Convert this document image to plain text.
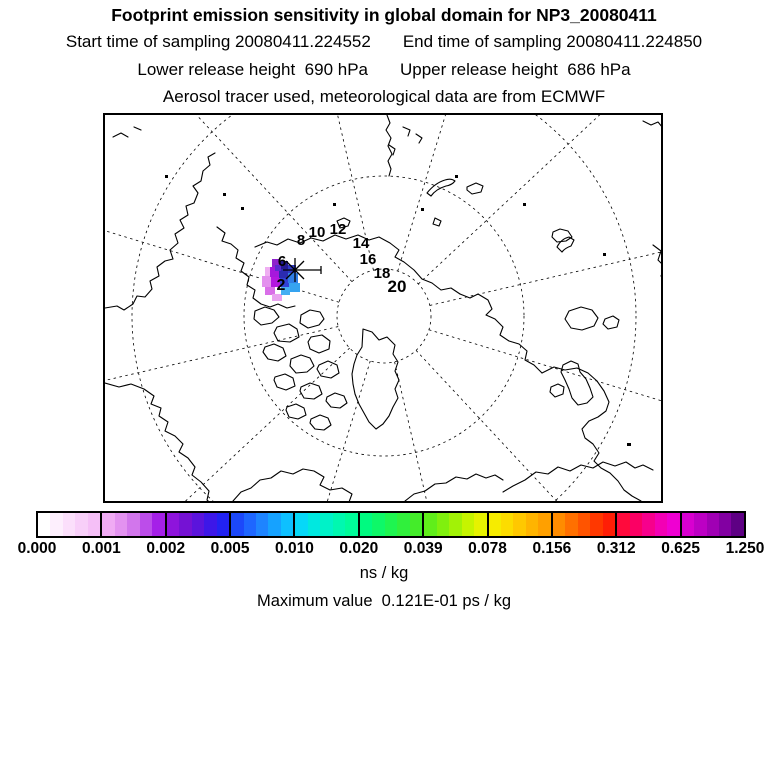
Footprint emission sensitivity in global domain for NP3_20080411
Start time of sampling 20080411.224552 End time of sampling 20080411.224850
Lower release height  690 hPa Upper release height  686 hPa
Aerosol tracer used, meteorological data are from ECMWF
6
2
8 10 12
14
16
18
20
0.000 0.001 0.002 0.005 0.010 0.020 0.039 0.078 0.156 0.312 0.625 1.250
ns / kg
Maximum value  0.121E-01 ps / kg
